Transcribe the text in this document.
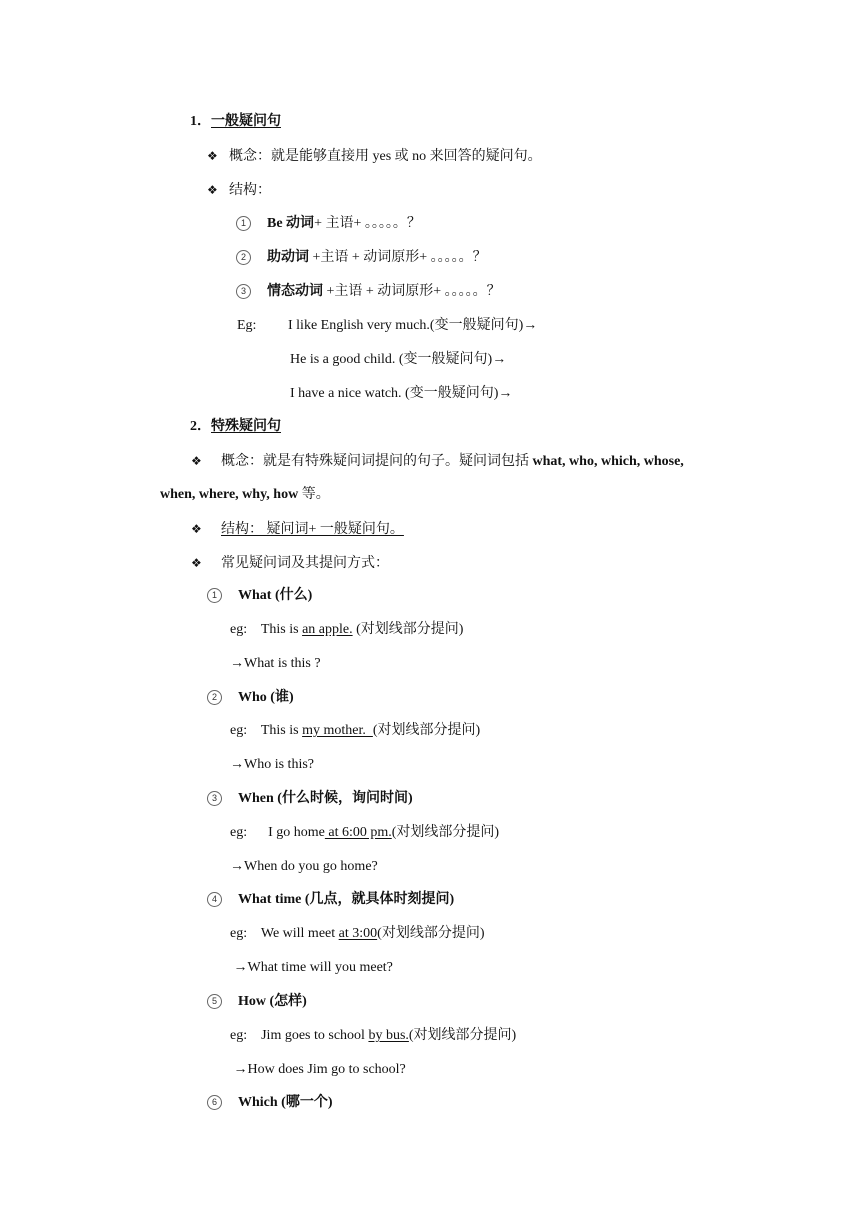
1．一般疑问句
❖ 概念：就是能够直接用 yes 或 no 来回答的疑问句。
❖ 结构：
1 Be 动词+ 主语+ 。。。。。？
2 助动词 +主语 + 动词原形+ 。。。。。？
3 情态动词 +主语 + 动词原形+ 。。。。。？
Eg: I like English very much.(变一般疑问句)→
He is a good child. (变一般疑问句)→
I have a nice watch. (变一般疑问句)→
2．特殊疑问句
❖ 概念：就是有特殊疑问词提问的句子。疑问词包括 what, who, which, whose,
when, where, why, how 等。
❖ 结构： 疑问词+ 一般疑问句。
❖ 常见疑问词及其提问方式：
1 What (什么)
eg:    This is an apple. (对划线部分提问)
→What is this ?
2 Who (谁)
eg:    This is my mother.  (对划线部分提问)
→Who is this?
3 When (什么时候，询问时间)
eg:      I go home at 6:00 pm.(对划线部分提问)
→When do you go home?
4 What time (几点，就具体时刻提问)
eg:    We will meet at 3:00(对划线部分提问)
→What time will you meet?
5 How (怎样)
eg:    Jim goes to school by bus.(对划线部分提问)
→How does Jim go to school?
6 Which (哪一个)
